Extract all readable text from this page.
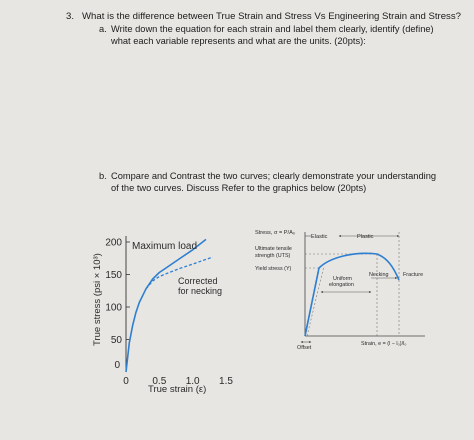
3. What is the difference between True Strain and Stress Vs Engineering Strain and Stress?
a. Write down the equation for each strain and label them clearly, identify (define)
what each variable represents and what are the units. (20pts):
b. Compare and Contrast the two curves; clearly demonstrate your understanding
of the two curves. Discuss Refer to the graphics below (20pts)
0
50
100
150
200
0 0.5 1.0 1.5
Maximum load
Corrected
for necking
True stress (psi × 10³)
True strain (ε)
Stress, σ = P/A₀
Elastic	Plastic
Ultimate tensile
strength (UTS)
Yield stress (Y)
Uniform
elongation
Necking	Fracture
Offset
Strain, e = (l − l₀)/l₀
